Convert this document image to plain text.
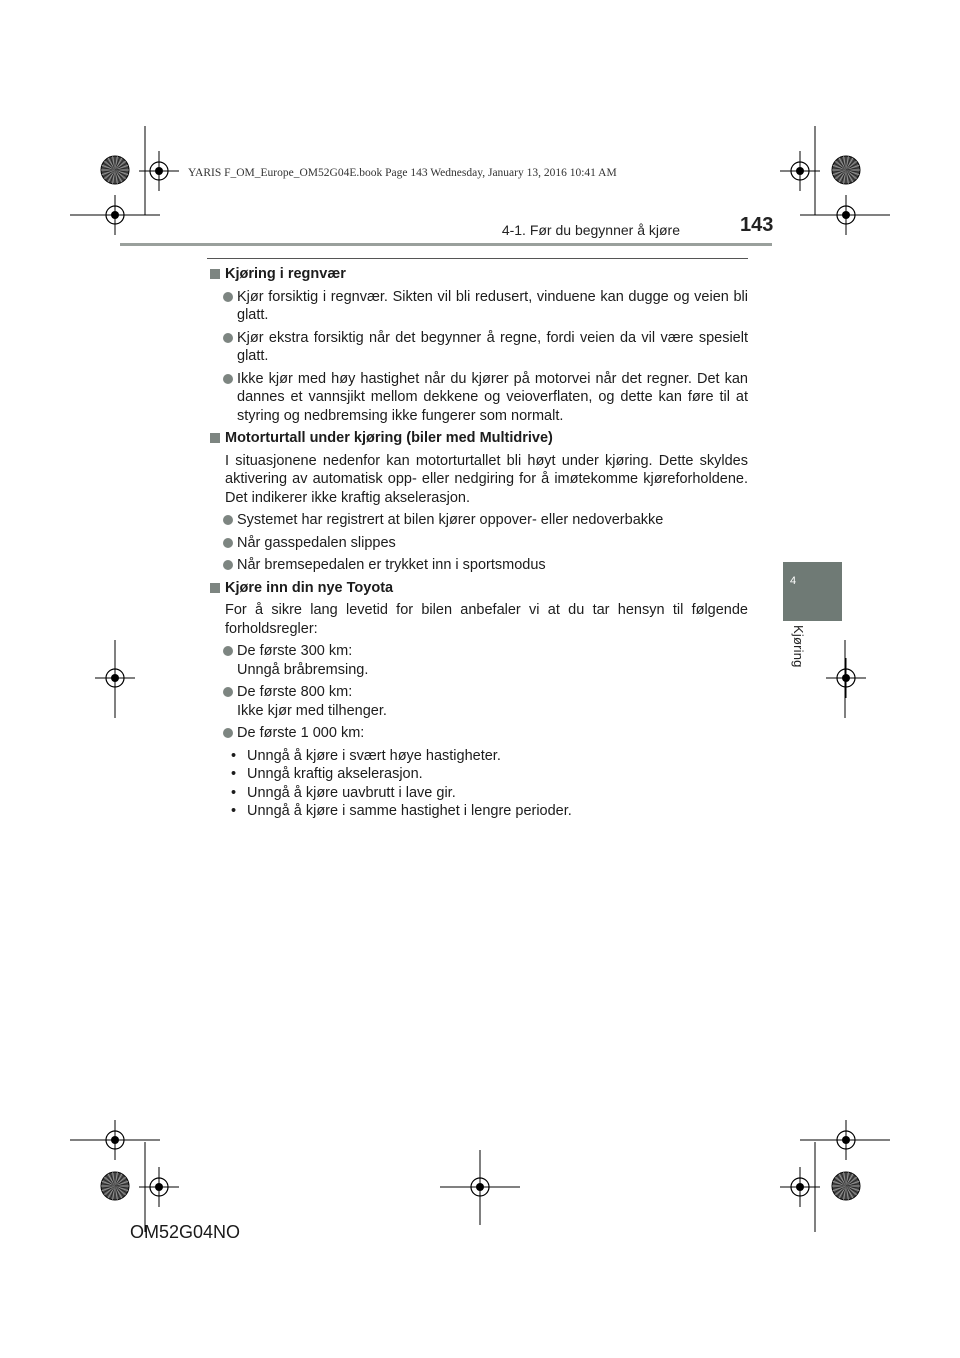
YARIS F_OM_Europe_OM52G04E.book Page 143 Wednesday, January 13, 2016 10:41 AM
4-1. Før du begynner å kjøre	143
4
Kjøring
Kjøring i regnvær
Kjør forsiktig i regnvær. Sikten vil bli redusert, vinduene kan dugge og veien bli glatt.
Kjør ekstra forsiktig når det begynner å regne, fordi veien da vil være spesielt glatt.
Ikke kjør med høy hastighet når du kjører på motorvei når det regner. Det kan dannes et vannsjikt mellom dekkene og veioverflaten, og dette kan føre til at styring og nedbremsing ikke fungerer som normalt.
Motorturtall under kjøring (biler med Multidrive)
I situasjonene nedenfor kan motorturtallet bli høyt under kjøring. Dette skyldes aktivering av automatisk opp- eller nedgiring for å imøtekomme kjøreforholdene. Det indikerer ikke kraftig akselerasjon.
Systemet har registrert at bilen kjører oppover- eller nedoverbakke
Når gasspedalen slippes
Når bremsepedalen er trykket inn i sportsmodus
Kjøre inn din nye Toyota
For å sikre lang levetid for bilen anbefaler vi at du tar hensyn til følgende forholdsregler:
De første 300 km:
Unngå bråbremsing.
De første 800 km:
Ikke kjør med tilhenger.
De første 1 000 km:
• Unngå å kjøre i svært høye hastigheter.
• Unngå kraftig akselerasjon.
• Unngå å kjøre uavbrutt i lave gir.
• Unngå å kjøre i samme hastighet i lengre perioder.
OM52G04NO
